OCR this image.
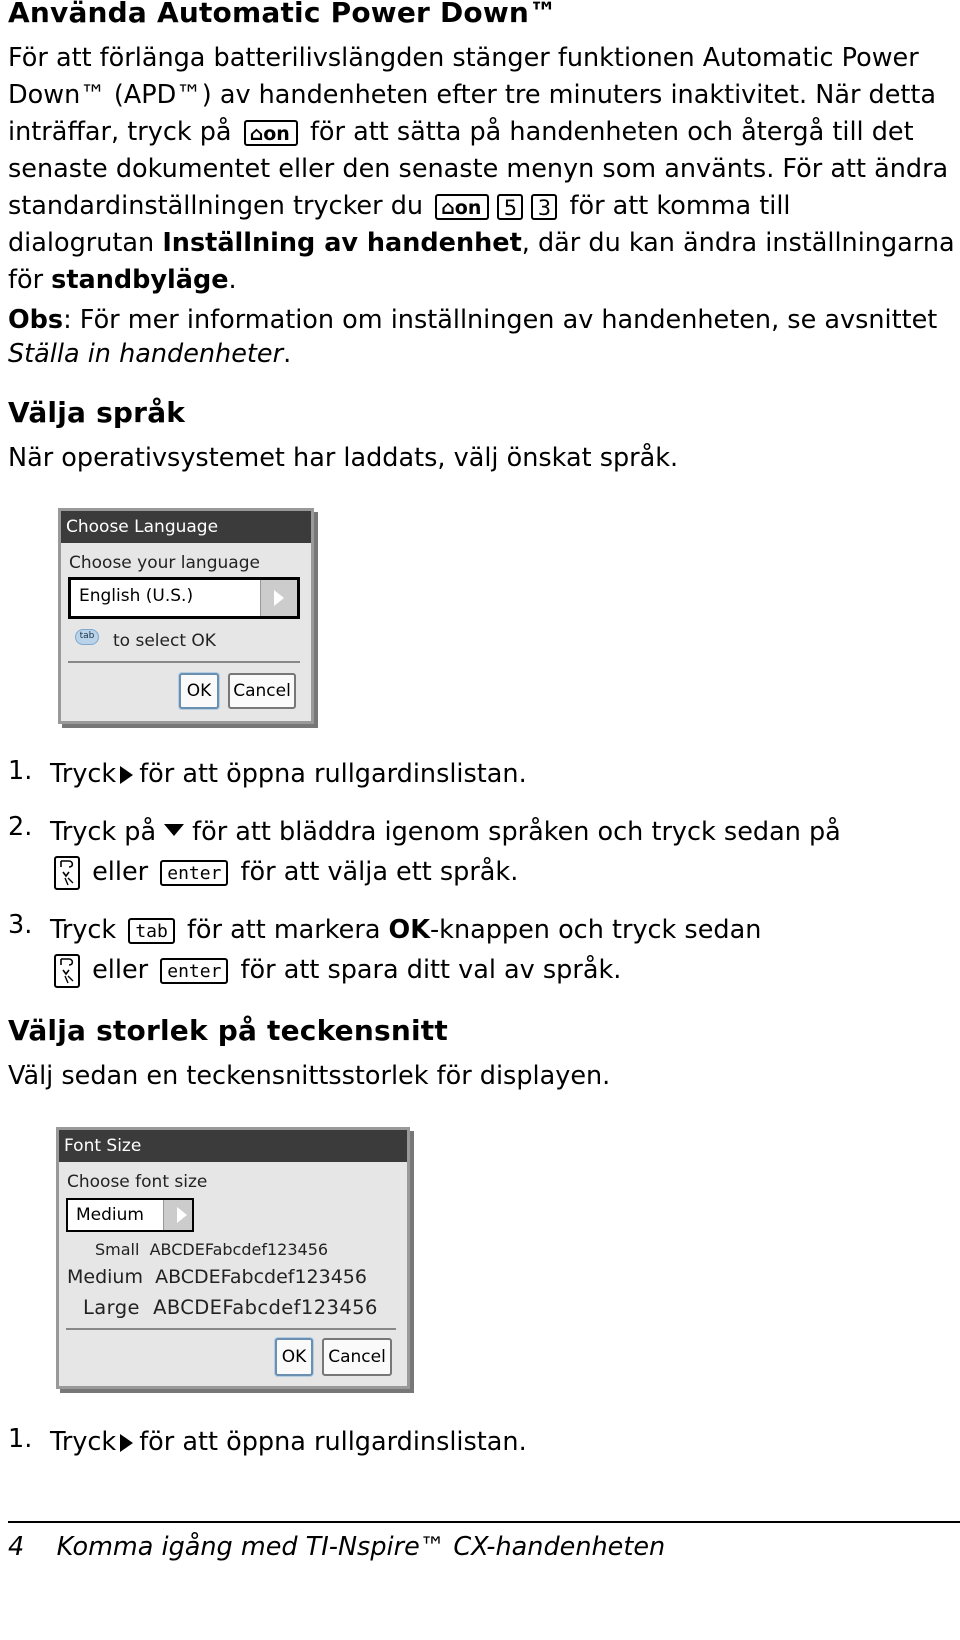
Använda Automatic Power Down™
För att förlänga batterilivslängden stänger funktionen Automatic Power
Down™ (APD™) av handenheten efter tre minuters inaktivitet. När detta
inträffar, tryck på ⌂on för att sätta på handenheten och återgå till det
senaste dokumentet eller den senaste menyn som använts. För att ändra
standardinställningen trycker du ⌂on 5 3 för att komma till
dialogrutan Inställning av handenhet, där du kan ändra inställningarna
för standbyläge.
Obs: För mer information om inställningen av handenheten, se avsnittet
Ställa in handenheter.
Välja språk
När operativsystemet har laddats, välj önskat språk.
Choose Language
Choose your language
English (U.S.)
tab to select OK
OK	Cancel
1. Tryck för att öppna rullgardinslistan.
2. Tryck på för att bläddra igenom språken och tryck sedan på
eller enter för att välja ett språk.
3. Tryck tab för att markera OK-knappen och tryck sedan
eller enter för att spara ditt val av språk.
Välja storlek på teckensnitt
Välj sedan en teckensnittsstorlek för displayen.
Font Size
Choose font size
Medium
Small ABCDEFabcdef123456
Medium ABCDEFabcdef123456
Large ABCDEFabcdef123456
OK	Cancel
1. Tryck för att öppna rullgardinslistan.
4 Komma igång med TI-Nspire™ CX-handenheten
